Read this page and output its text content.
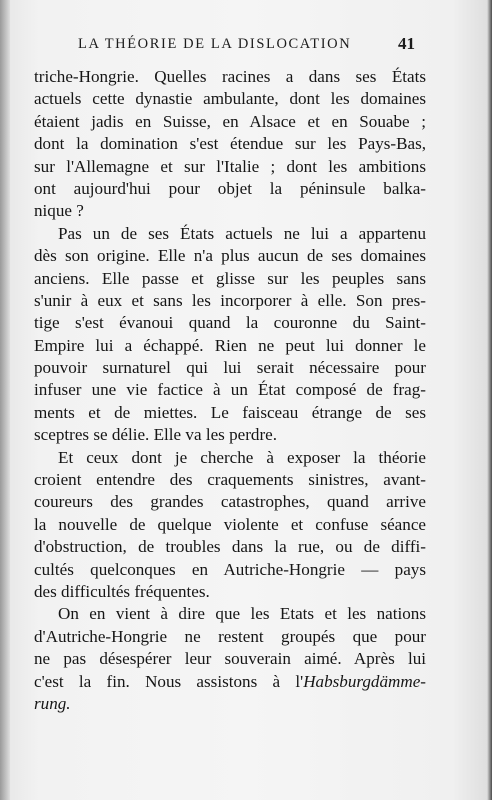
LA THÉORIE DE LA DISLOCATION	41
triche-Hongrie. Quelles racines a dans ses États
actuels cette dynastie ambulante, dont les domaines
étaient jadis en Suisse, en Alsace et en Souabe ;
dont la domination s'est étendue sur les Pays-Bas,
sur l'Allemagne et sur l'Italie ; dont les ambitions
ont aujourd'hui pour objet la péninsule balka-
nique ?
Pas un de ses États actuels ne lui a appartenu
dès son origine. Elle n'a plus aucun de ses domaines
anciens. Elle passe et glisse sur les peuples sans
s'unir à eux et sans les incorporer à elle. Son pres-
tige s'est évanoui quand la couronne du Saint-
Empire lui a échappé. Rien ne peut lui donner le
pouvoir surnaturel qui lui serait nécessaire pour
infuser une vie factice à un État composé de frag-
ments et de miettes. Le faisceau étrange de ses
sceptres se délie. Elle va les perdre.
Et ceux dont je cherche à exposer la théorie
croient entendre des craquements sinistres, avant-
coureurs des grandes catastrophes, quand arrive
la nouvelle de quelque violente et confuse séance
d'obstruction, de troubles dans la rue, ou de diffi-
cultés quelconques en Autriche-Hongrie — pays
des difficultés fréquentes.
On en vient à dire que les Etats et les nations
d'Autriche-Hongrie ne restent groupés que pour
ne pas désespérer leur souverain aimé. Après lui
c'est la fin. Nous assistons à l'Habsburgdämme-
rung.
